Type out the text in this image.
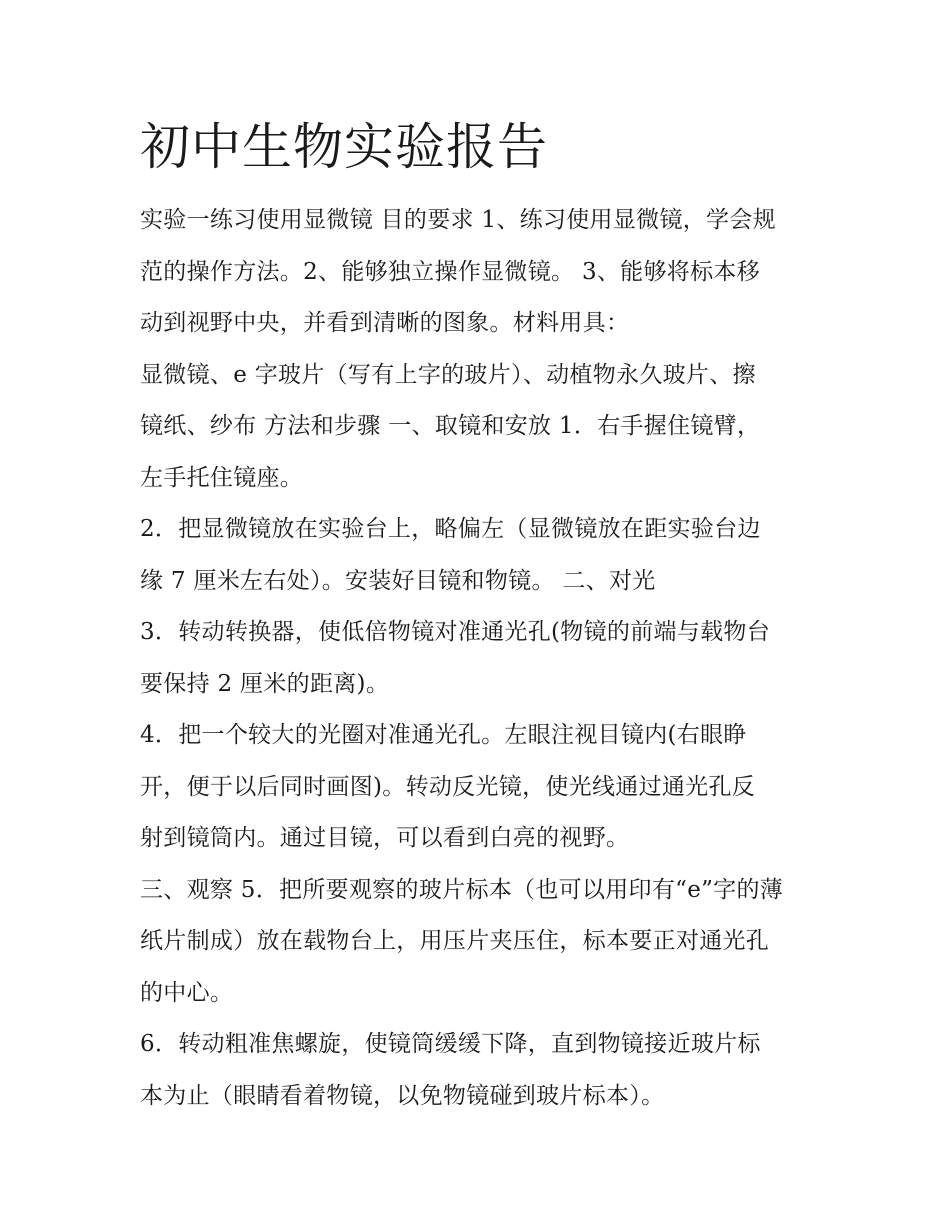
初中生物实验报告

实验一练习使用显微镜 目的要求 1、练习使用显微镜，学会规
范的操作方法。2、能够独立操作显微镜。 3、能够将标本移
动到视野中央，并看到清晰的图象。材料用具：

显微镜、e 字玻片（写有上字的玻片）、动植物永久玻片、擦
镜纸、纱布 方法和步骤 一、取镜和安放 1．右手握住镜臂，
左手托住镜座。

2．把显微镜放在实验台上，略偏左（显微镜放在距实验台边
缘 7 厘米左右处）。安装好目镜和物镜。 二、对光

3．转动转换器，使低倍物镜对准通光孔(物镜的前端与载物台
要保持 2 厘米的距离)。

4．把一个较大的光圈对准通光孔。左眼注视目镜内(右眼睁
开，便于以后同时画图)。转动反光镜，使光线通过通光孔反
射到镜筒内。通过目镜，可以看到白亮的视野。

三、观察 5．把所要观察的玻片标本（也可以用印有“e”字的薄
纸片制成）放在载物台上，用压片夹压住，标本要正对通光孔
的中心。

6．转动粗准焦螺旋，使镜筒缓缓下降，直到物镜接近玻片标
本为止（眼睛看着物镜，以免物镜碰到玻片标本）。
